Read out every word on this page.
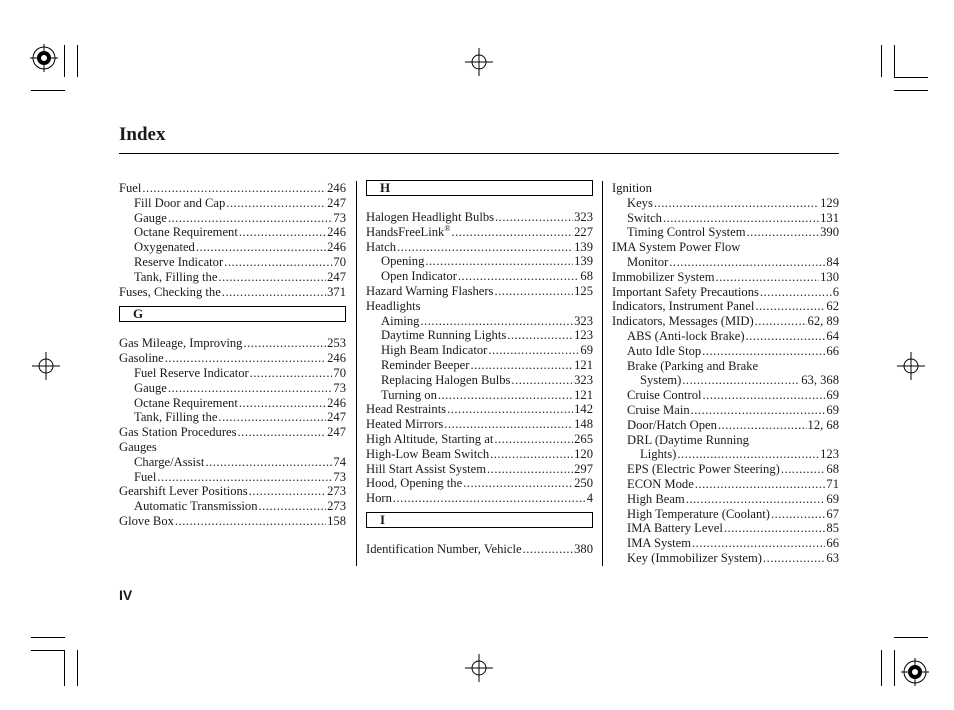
Index
Fuel .....	246
Fill Door and Cap .....	247
Gauge .....	73
Octane Requirement .....	246
Oxygenated .....	246
Reserve Indicator .....	70
Tank, Filling the .....	247
Fuses, Checking the .....	371
G
Gas Mileage, Improving .....	253
Gasoline .....	246
Fuel Reserve Indicator .....	70
Gauge .....	73
Octane Requirement .....	246
Tank, Filling the .....	247
Gas Station Procedures .....	247
Gauges
Charge/Assist .....	74
Fuel .....	73
Gearshift Lever Positions .....	273
Automatic Transmission .....	273
Glove Box .....	158
H
Halogen Headlight Bulbs .....	323
HandsFreeLink® .....	227
Hatch .....	139
Opening .....	139
Open Indicator .....	68
Hazard Warning Flashers .....	125
Headlights
Aiming .....	323
Daytime Running Lights .....	123
High Beam Indicator .....	69
Reminder Beeper .....	121
Replacing Halogen Bulbs .....	323
Turning on .....	121
Head Restraints .....	142
Heated Mirrors .....	148
High Altitude, Starting at .....	265
High-Low Beam Switch .....	120
Hill Start Assist System .....	297
Hood, Opening the .....	250
Horn .....	4
I
Identification Number, Vehicle .....	380
Ignition
Keys .....	129
Switch .....	131
Timing Control System .....	390
IMA System Power Flow
Monitor .....	84
Immobilizer System .....	130
Important Safety Precautions .....	6
Indicators, Instrument Panel .....	62
Indicators, Messages (MID) .....	62, 89
ABS (Anti-lock Brake) .....	64
Auto Idle Stop .....	66
Brake (Parking and Brake
System) .....	63, 368
Cruise Control .....	69
Cruise Main .....	69
Door/Hatch Open .....	12, 68
DRL (Daytime Running
Lights) .....	123
EPS (Electric Power Steering) .....	68
ECON Mode .....	71
High Beam .....	69
High Temperature (Coolant) .....	67
IMA Battery Level .....	85
IMA System .....	66
Key (Immobilizer System) .....	63
IV
